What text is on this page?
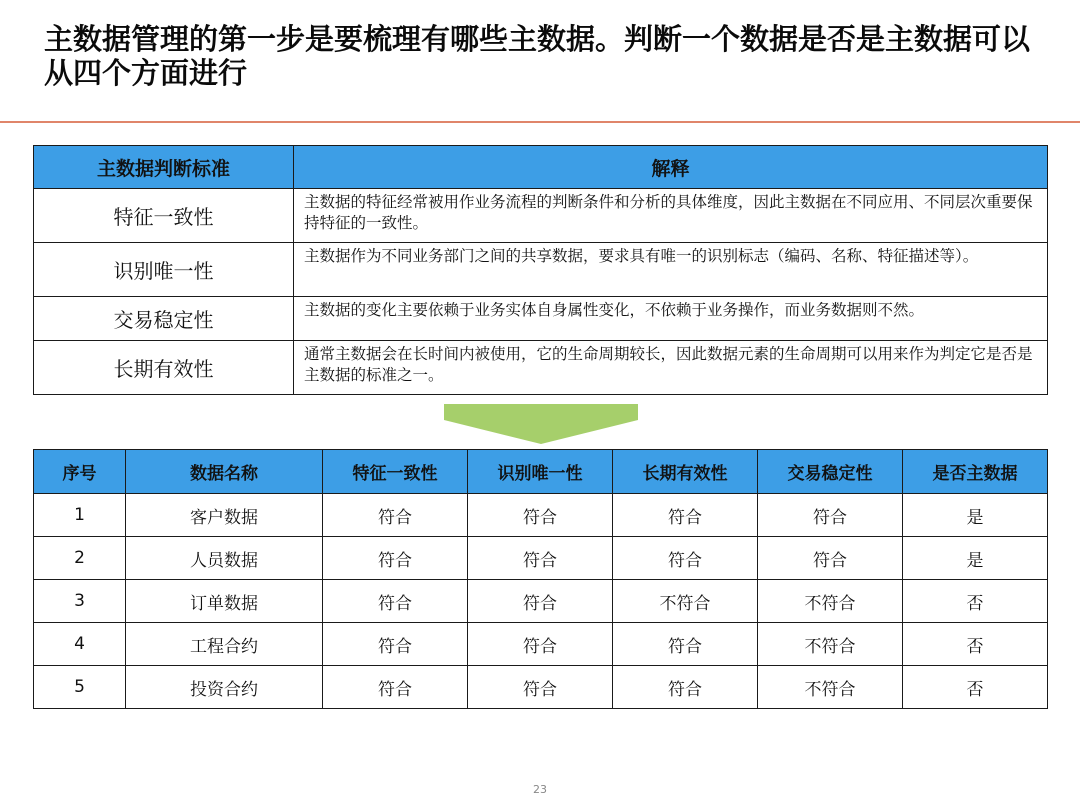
主数据管理的第一步是要梳理有哪些主数据。判断一个数据是否是主数据可以从四个方面进行
主数据判断标准	解释
特征一致性	主数据的特征经常被用作业务流程的判断条件和分析的具体维度，因此主数据在不同应用、不同层次重要保持特征的一致性。
识别唯一性	主数据作为不同业务部门之间的共享数据，要求具有唯一的识别标志（编码、名称、特征描述等）。
交易稳定性	主数据的变化主要依赖于业务实体自身属性变化，不依赖于业务操作，而业务数据则不然。
长期有效性	通常主数据会在长时间内被使用，它的生命周期较长，因此数据元素的生命周期可以用来作为判定它是否是主数据的标准之一。
序号	数据名称	特征一致性	识别唯一性	长期有效性	交易稳定性	是否主数据
1	客户数据	符合	符合	符合	符合	是
2	人员数据	符合	符合	符合	符合	是
3	订单数据	符合	符合	不符合	不符合	否
4	工程合约	符合	符合	符合	不符合	否
5	投资合约	符合	符合	符合	不符合	否
23
